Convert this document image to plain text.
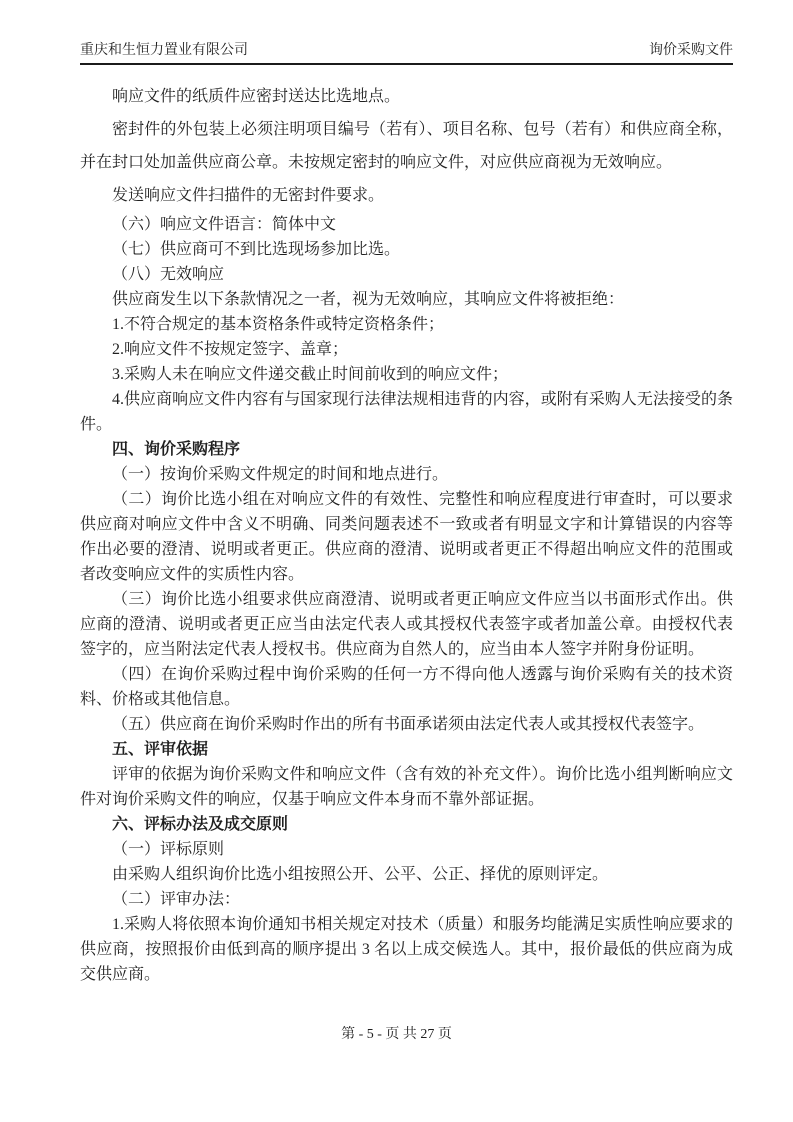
重庆和生恒力置业有限公司	询价采购文件

响应文件的纸质件应密封送达比选地点。

密封件的外包装上必须注明项目编号（若有）、项目名称、包号（若有）和供应商全称，并在封口处加盖供应商公章。未按规定密封的响应文件，对应供应商视为无效响应。

发送响应文件扫描件的无密封件要求。

（六）响应文件语言：简体中文

（七）供应商可不到比选现场参加比选。

（八）无效响应

供应商发生以下条款情况之一者，视为无效响应，其响应文件将被拒绝：

1.不符合规定的基本资格条件或特定资格条件；

2.响应文件不按规定签字、盖章；

3.采购人未在响应文件递交截止时间前收到的响应文件；

4.供应商响应文件内容有与国家现行法律法规相违背的内容，或附有采购人无法接受的条件。

四、询价采购程序

（一）按询价采购文件规定的时间和地点进行。

（二）询价比选小组在对响应文件的有效性、完整性和响应程度进行审查时，可以要求供应商对响应文件中含义不明确、同类问题表述不一致或者有明显文字和计算错误的内容等作出必要的澄清、说明或者更正。供应商的澄清、说明或者更正不得超出响应文件的范围或者改变响应文件的实质性内容。

（三）询价比选小组要求供应商澄清、说明或者更正响应文件应当以书面形式作出。供应商的澄清、说明或者更正应当由法定代表人或其授权代表签字或者加盖公章。由授权代表签字的，应当附法定代表人授权书。供应商为自然人的，应当由本人签字并附身份证明。

（四）在询价采购过程中询价采购的任何一方不得向他人透露与询价采购有关的技术资料、价格或其他信息。

（五）供应商在询价采购时作出的所有书面承诺须由法定代表人或其授权代表签字。

五、评审依据

评审的依据为询价采购文件和响应文件（含有效的补充文件）。询价比选小组判断响应文件对询价采购文件的响应，仅基于响应文件本身而不靠外部证据。

六、评标办法及成交原则

（一）评标原则

由采购人组织询价比选小组按照公开、公平、公正、择优的原则评定。

（二）评审办法：

1.采购人将依照本询价通知书相关规定对技术（质量）和服务均能满足实质性响应要求的供应商，按照报价由低到高的顺序提出 3 名以上成交候选人。其中，报价最低的供应商为成交供应商。

第 - 5 - 页 共 27 页
